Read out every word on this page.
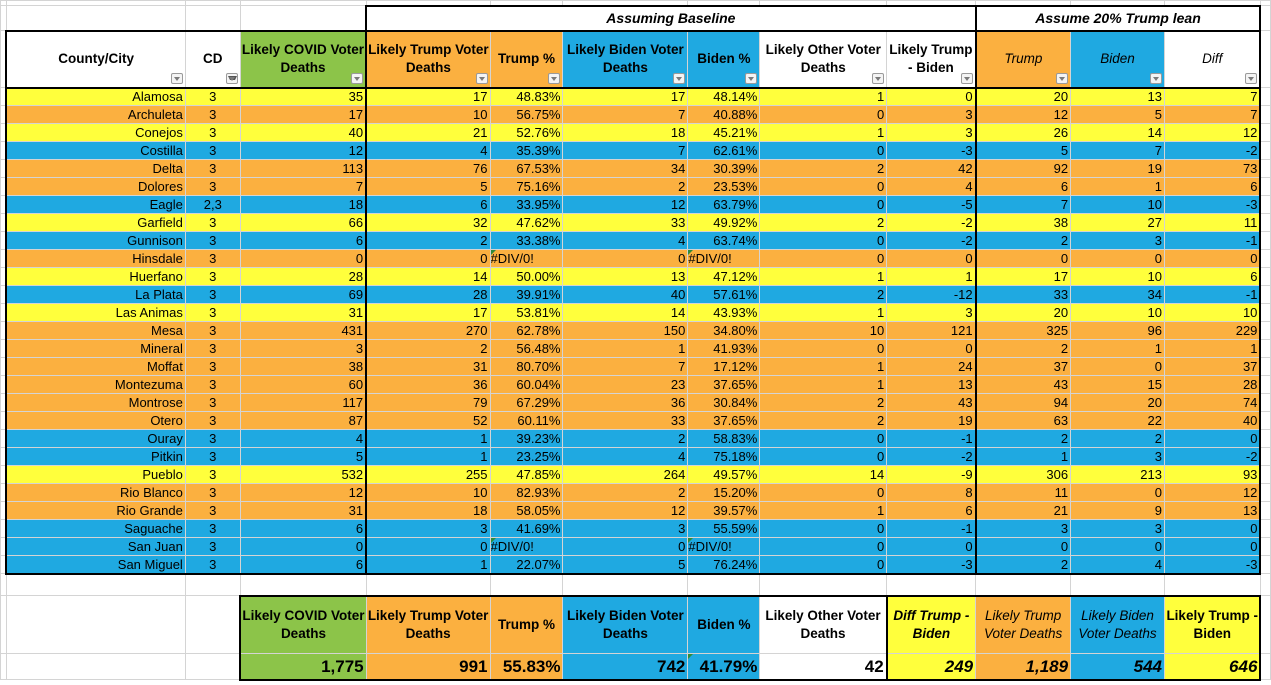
				Assuming Baseline						Assume 20% Trump lean			

	County/City	CD	Likely COVID Voter Deaths	Likely Trump Voter Deaths	Trump %	Likely Biden Voter Deaths	Biden %	Likely Other Voter Deaths	Likely Trump - Biden	Trump	Biden	Diff	

	Alamosa	3	35	17	48.83%	17	48.14%	1	0	20	13	7	
	Archuleta	3	17	10	56.75%	7	40.88%	0	3	12	5	7	
	Conejos	3	40	21	52.76%	18	45.21%	1	3	26	14	12	
	Costilla	3	12	4	35.39%	7	62.61%	0	-3	5	7	-2	
	Delta	3	113	76	67.53%	34	30.39%	2	42	92	19	73	
	Dolores	3	7	5	75.16%	2	23.53%	0	4	6	1	6	
	Eagle	2,3	18	6	33.95%	12	63.79%	0	-5	7	10	-3	
	Garfield	3	66	32	47.62%	33	49.92%	2	-2	38	27	11	
	Gunnison	3	6	2	33.38%	4	63.74%	0	-2	2	3	-1	
	Hinsdale	3	0	0	#DIV/0!	0	#DIV/0!	0	0	0	0	0	
	Huerfano	3	28	14	50.00%	13	47.12%	1	1	17	10	6	
	La Plata	3	69	28	39.91%	40	57.61%	2	-12	33	34	-1	
	Las Animas	3	31	17	53.81%	14	43.93%	1	3	20	10	10	
	Mesa	3	431	270	62.78%	150	34.80%	10	121	325	96	229	
	Mineral	3	3	2	56.48%	1	41.93%	0	0	2	1	1	
	Moffat	3	38	31	80.70%	7	17.12%	1	24	37	0	37	
	Montezuma	3	60	36	60.04%	23	37.65%	1	13	43	15	28	
	Montrose	3	117	79	67.29%	36	30.84%	2	43	94	20	74	
	Otero	3	87	52	60.11%	33	37.65%	2	19	63	22	40	
	Ouray	3	4	1	39.23%	2	58.83%	0	-1	2	2	0	
	Pitkin	3	5	1	23.25%	4	75.18%	0	-2	1	3	-2	
	Pueblo	3	532	255	47.85%	264	49.57%	14	-9	306	213	93	
	Rio Blanco	3	12	10	82.93%	2	15.20%	0	8	11	0	12	
	Rio Grande	3	31	18	58.05%	12	39.57%	1	6	21	9	13	
	Saguache	3	6	3	41.69%	3	55.59%	0	-1	3	3	0	
	San Juan	3	0	0	#DIV/0!	0	#DIV/0!	0	0	0	0	0	
	San Miguel	3	6	1	22.07%	5	76.24%	0	-3	2	4	-3	

			Likely COVID Voter Deaths	Likely Trump Voter Deaths	Trump %	Likely Biden Voter Deaths	Biden %	Likely Other Voter Deaths	Diff Trump - Biden	Likely Trump Voter Deaths	Likely Biden Voter Deaths	Likely Trump - Biden	
			1,775	991	55.83%	742	41.79%	42	249	1,189	544	646	
